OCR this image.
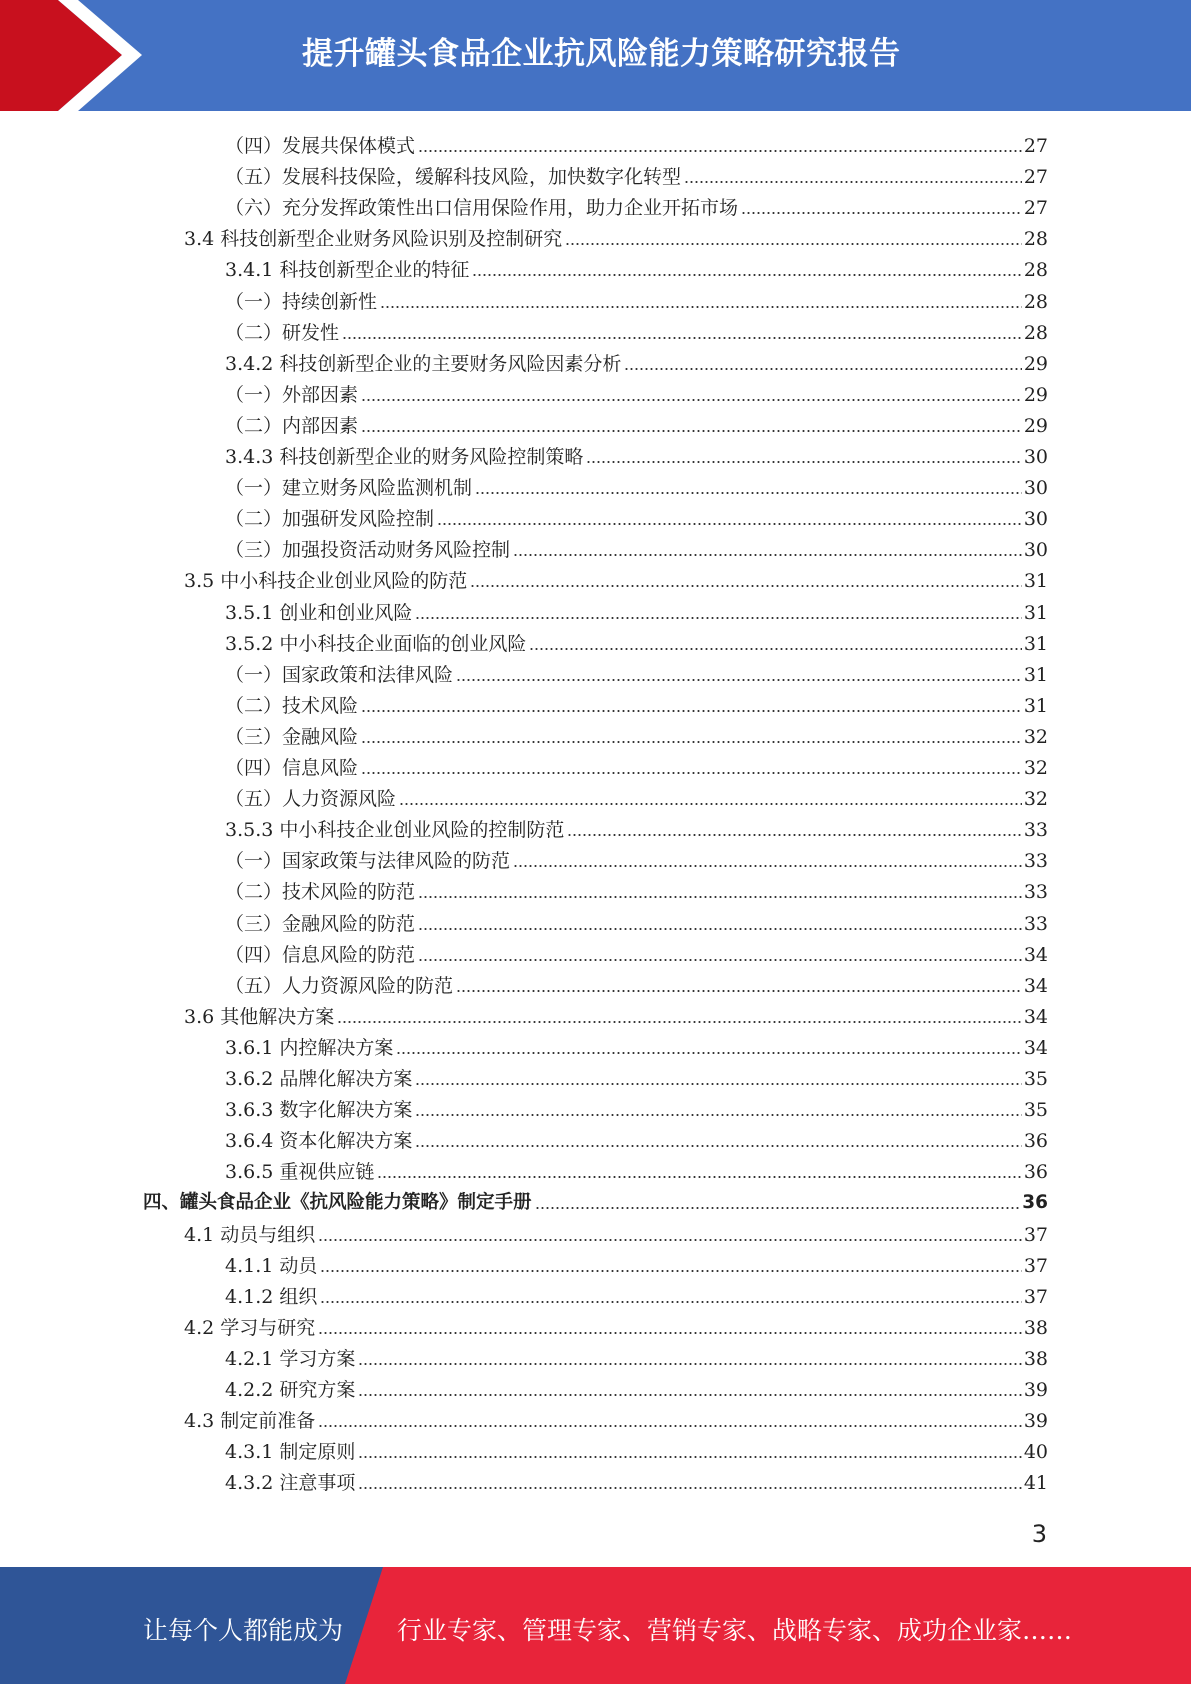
提升罐头食品企业抗风险能力策略研究报告
（四）发展共保体模式	27
（五）发展科技保险，缓解科技风险，加快数字化转型	27
（六）充分发挥政策性出口信用保险作用，助力企业开拓市场	27
3.4 科技创新型企业财务风险识别及控制研究	28
3.4.1 科技创新型企业的特征	28
（一）持续创新性	28
（二）研发性	28
3.4.2 科技创新型企业的主要财务风险因素分析	29
（一）外部因素	29
（二）内部因素	29
3.4.3 科技创新型企业的财务风险控制策略	30
（一）建立财务风险监测机制	30
（二）加强研发风险控制	30
（三）加强投资活动财务风险控制	30
3.5 中小科技企业创业风险的防范	31
3.5.1 创业和创业风险	31
3.5.2 中小科技企业面临的创业风险	31
（一）国家政策和法律风险	31
（二）技术风险	31
（三）金融风险	32
（四）信息风险	32
（五）人力资源风险	32
3.5.3 中小科技企业创业风险的控制防范	33
（一）国家政策与法律风险的防范	33
（二）技术风险的防范	33
（三）金融风险的防范	33
（四）信息风险的防范	34
（五）人力资源风险的防范	34
3.6 其他解决方案	34
3.6.1 内控解决方案	34
3.6.2 品牌化解决方案	35
3.6.3 数字化解决方案	35
3.6.4 资本化解决方案	36
3.6.5 重视供应链	36
四、罐头食品企业《抗风险能力策略》制定手册	36
4.1 动员与组织	37
4.1.1 动员	37
4.1.2 组织	37
4.2 学习与研究	38
4.2.1 学习方案	38
4.2.2 研究方案	39
4.3 制定前准备	39
4.3.1 制定原则	40
4.3.2 注意事项	41
3
让每个人都能成为 行业专家、管理专家、营销专家、战略专家、成功企业家……
